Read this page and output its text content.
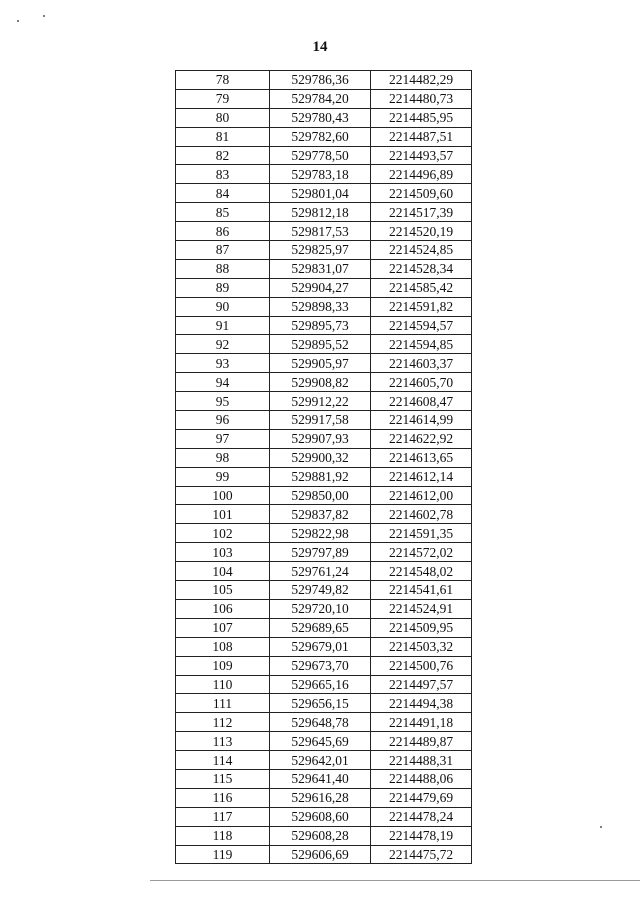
14
78	529786,36	2214482,29
79	529784,20	2214480,73
80	529780,43	2214485,95
81	529782,60	2214487,51
82	529778,50	2214493,57
83	529783,18	2214496,89
84	529801,04	2214509,60
85	529812,18	2214517,39
86	529817,53	2214520,19
87	529825,97	2214524,85
88	529831,07	2214528,34
89	529904,27	2214585,42
90	529898,33	2214591,82
91	529895,73	2214594,57
92	529895,52	2214594,85
93	529905,97	2214603,37
94	529908,82	2214605,70
95	529912,22	2214608,47
96	529917,58	2214614,99
97	529907,93	2214622,92
98	529900,32	2214613,65
99	529881,92	2214612,14
100	529850,00	2214612,00
101	529837,82	2214602,78
102	529822,98	2214591,35
103	529797,89	2214572,02
104	529761,24	2214548,02
105	529749,82	2214541,61
106	529720,10	2214524,91
107	529689,65	2214509,95
108	529679,01	2214503,32
109	529673,70	2214500,76
110	529665,16	2214497,57
111	529656,15	2214494,38
112	529648,78	2214491,18
113	529645,69	2214489,87
114	529642,01	2214488,31
115	529641,40	2214488,06
116	529616,28	2214479,69
117	529608,60	2214478,24
118	529608,28	2214478,19
119	529606,69	2214475,72
